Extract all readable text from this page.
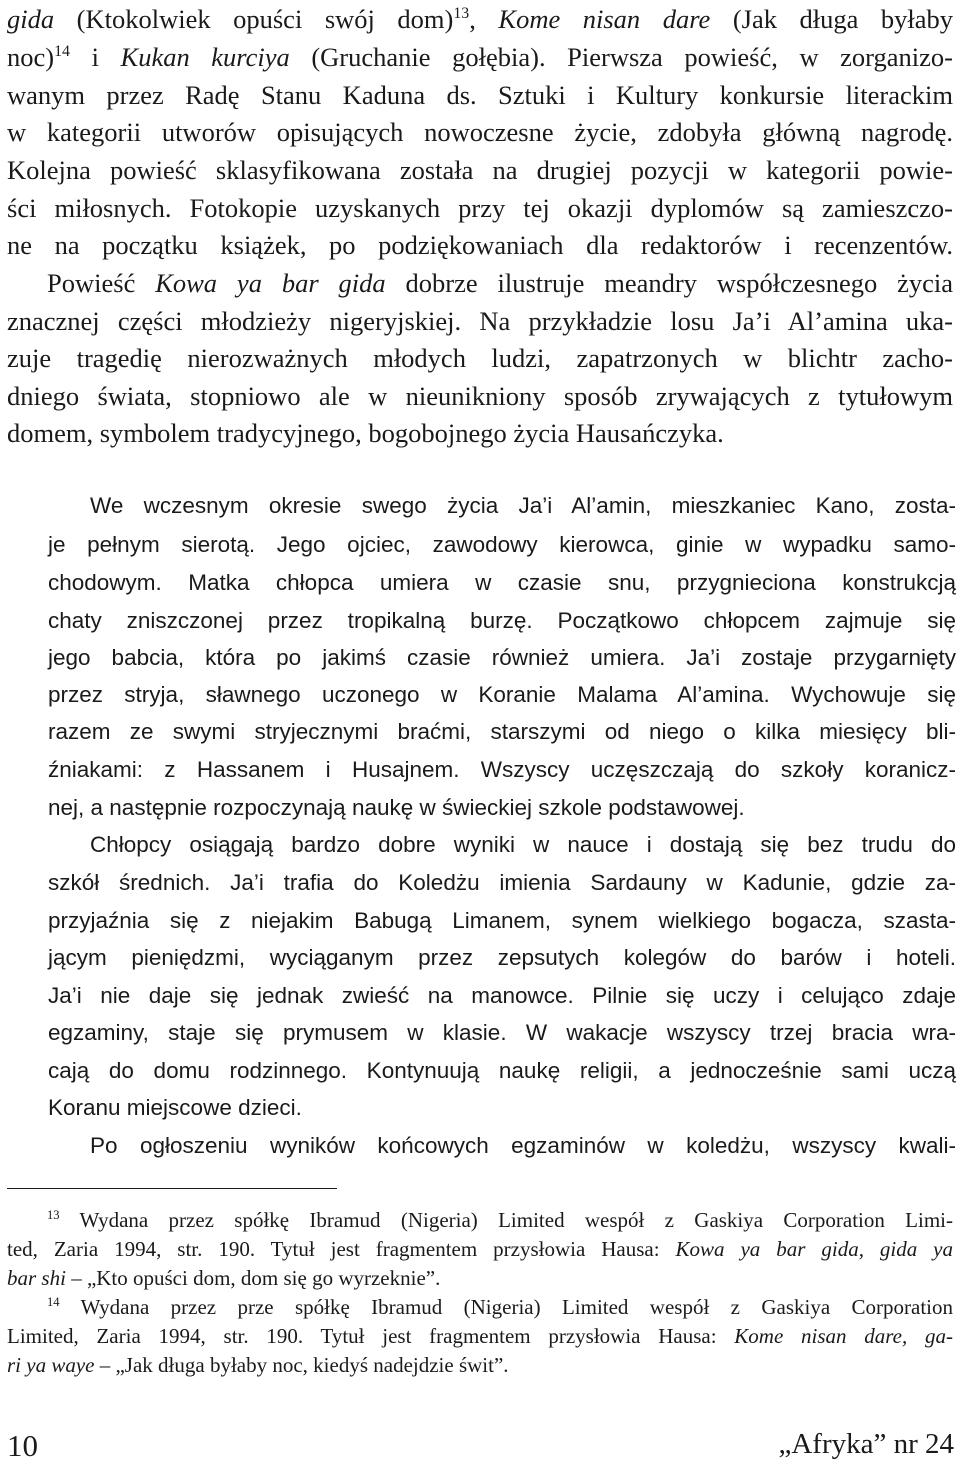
gida (Ktokolwiek opuści swój dom)$^{13}$, Kome nisan dare (Jak długa byłaby
noc)$^{14}$ i Kukan kurciya (Gruchanie gołębia). Pierwsza powieść, w zorganizo-
wanym przez Radę Stanu Kaduna ds. Sztuki i Kultury konkursie literackim
w kategorii utworów opisujących nowoczesne życie, zdobyła główną nagrodę.
Kolejna powieść sklasyfikowana została na drugiej pozycji w kategorii powie-
ści miłosnych. Fotokopie uzyskanych przy tej okazji dyplomów są zamieszczo-
ne na początku książek, po podziękowaniach dla redaktorów i recenzentów.
Powieść Kowa ya bar gida dobrze ilustruje meandry współczesnego życia
znacznej części młodzieży nigeryjskiej. Na przykładzie losu Ja’i Al’amina uka-
zuje tragedię nierozważnych młodych ludzi, zapatrzonych w blichtr zacho-
dniego świata, stopniowo ale w nieunikniony sposób zrywających z tytułowym
domem, symbolem tradycyjnego, bogobojnego życia Hausańczyka.
We wczesnym okresie swego życia Ja’i Al’amin, mieszkaniec Kano, zosta-
je pełnym sierotą. Jego ojciec, zawodowy kierowca, ginie w wypadku samo-
chodowym. Matka chłopca umiera w czasie snu, przygnieciona konstrukcją
chaty zniszczonej przez tropikalną burzę. Początkowo chłopcem zajmuje się
jego babcia, która po jakimś czasie również umiera. Ja’i zostaje przygarnięty
przez stryja, sławnego uczonego w Koranie Malama Al’amina. Wychowuje się
razem ze swymi stryjecznymi braćmi, starszymi od niego o kilka miesięcy bli-
źniakami: z Hassanem i Husajnem. Wszyscy uczęszczają do szkoły koranicz-
nej, a następnie rozpoczynają naukę w świeckiej szkole podstawowej.
Chłopcy osiągają bardzo dobre wyniki w nauce i dostają się bez trudu do
szkół średnich. Ja’i trafia do Koledżu imienia Sardauny w Kadunie, gdzie za-
przyjaźnia się z niejakim Babugą Limanem, synem wielkiego bogacza, szasta-
jącym pieniędzmi, wyciąganym przez zepsutych kolegów do barów i hoteli.
Ja’i nie daje się jednak zwieść na manowce. Pilnie się uczy i celująco zdaje
egzaminy, staje się prymusem w klasie. W wakacje wszyscy trzej bracia wra-
cają do domu rodzinnego. Kontynuują naukę religii, a jednocześnie sami uczą
Koranu miejscowe dzieci.
Po ogłoszeniu wyników końcowych egzaminów w koledżu, wszyscy kwali-
$^{13}$ Wydana przez spółkę Ibramud (Nigeria) Limited wespół z Gaskiya Corporation Limi-
ted, Zaria 1994, str. 190. Tytuł jest fragmentem przysłowia Hausa: Kowa ya bar gida, gida ya
bar shi – „Kto opuści dom, dom się go wyrzeknie”.
$^{14}$ Wydana przez prze spółkę Ibramud (Nigeria) Limited wespół z Gaskiya Corporation
Limited, Zaria 1994, str. 190. Tytuł jest fragmentem przysłowia Hausa: Kome nisan dare, ga-
ri ya waye – „Jak długa byłaby noc, kiedyś nadejdzie świt”.
10	„Afryka” nr 24
